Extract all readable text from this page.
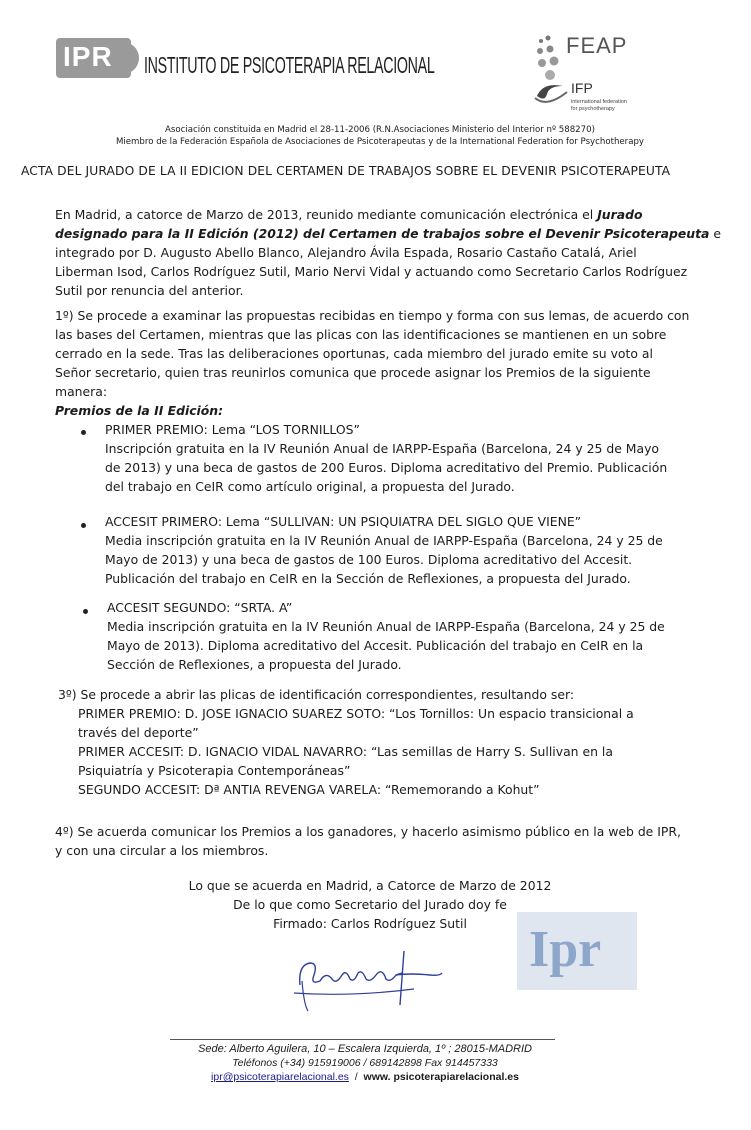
IPR INSTITUTO DE PSICOTERAPIA RELACIONAL
FEAP
IFP
international federation
for psychotherapy
Asociación constituida en Madrid el 28-11-2006 (R.N.Asociaciones Ministerio del Interior nº 588270)
Miembro de la Federación Española de Asociaciones de Psicoterapeutas y de la International Federation for Psychotherapy
ACTA DEL JURADO DE LA II EDICION DEL CERTAMEN DE TRABAJOS SOBRE EL DEVENIR PSICOTERAPEUTA
En Madrid, a catorce de Marzo de 2013, reunido mediante comunicación electrónica el Jurado
designado para la II Edición (2012) del Certamen de trabajos sobre el Devenir Psicoterapeuta e
integrado por D. Augusto Abello Blanco, Alejandro Ávila Espada, Rosario Castaño Catalá, Ariel
Liberman Isod, Carlos Rodríguez Sutil, Mario Nervi Vidal y actuando como Secretario Carlos Rodríguez
Sutil por renuncia del anterior.
1º) Se procede a examinar las propuestas recibidas en tiempo y forma con sus lemas, de acuerdo con
las bases del Certamen, mientras que las plicas con las identificaciones se mantienen en un sobre
cerrado en la sede. Tras las deliberaciones oportunas, cada miembro del jurado emite su voto al
Señor secretario, quien tras reunirlos comunica que procede asignar los Premios de la siguiente
manera:
Premios de la II Edición:
PRIMER PREMIO: Lema “LOS TORNILLOS”
Inscripción gratuita en la IV Reunión Anual de IARPP-España (Barcelona, 24 y 25 de Mayo
de 2013) y una beca de gastos de 200 Euros. Diploma acreditativo del Premio. Publicación
del trabajo en CeIR como artículo original, a propuesta del Jurado.
ACCESIT PRIMERO: Lema “SULLIVAN: UN PSIQUIATRA DEL SIGLO QUE VIENE”
Media inscripción gratuita en la IV Reunión Anual de IARPP-España (Barcelona, 24 y 25 de
Mayo de 2013) y una beca de gastos de 100 Euros. Diploma acreditativo del Accesit.
Publicación del trabajo en CeIR en la Sección de Reflexiones, a propuesta del Jurado.
ACCESIT SEGUNDO: “SRTA. A”
Media inscripción gratuita en la IV Reunión Anual de IARPP-España (Barcelona, 24 y 25 de
Mayo de 2013). Diploma acreditativo del Accesit. Publicación del trabajo en CeIR en la
Sección de Reflexiones, a propuesta del Jurado.
3º) Se procede a abrir las plicas de identificación correspondientes, resultando ser:
PRIMER PREMIO: D. JOSE IGNACIO SUAREZ SOTO: “Los Tornillos: Un espacio transicional a
través del deporte”
PRIMER ACCESIT: D. IGNACIO VIDAL NAVARRO: “Las semillas de Harry S. Sullivan en la
Psiquiatría y Psicoterapia Contemporáneas”
SEGUNDO ACCESIT: Dª ANTIA REVENGA VARELA: “Rememorando a Kohut”
4º) Se acuerda comunicar los Premios a los ganadores, y hacerlo asimismo público en la web de IPR,
y con una circular a los miembros.
Lo que se acuerda en Madrid, a Catorce de Marzo de 2012
De lo que como Secretario del Jurado doy fe
Firmado: Carlos Rodríguez Sutil	Ipr
Sede: Alberto Aguilera, 10 – Escalera Izquierda, 1º ; 28015-MADRID
Teléfonos (+34) 915919006 / 689142898 Fax 914457333
ipr@psicoterapiarelacional.es  /  www. psicoterapiarelacional.es
